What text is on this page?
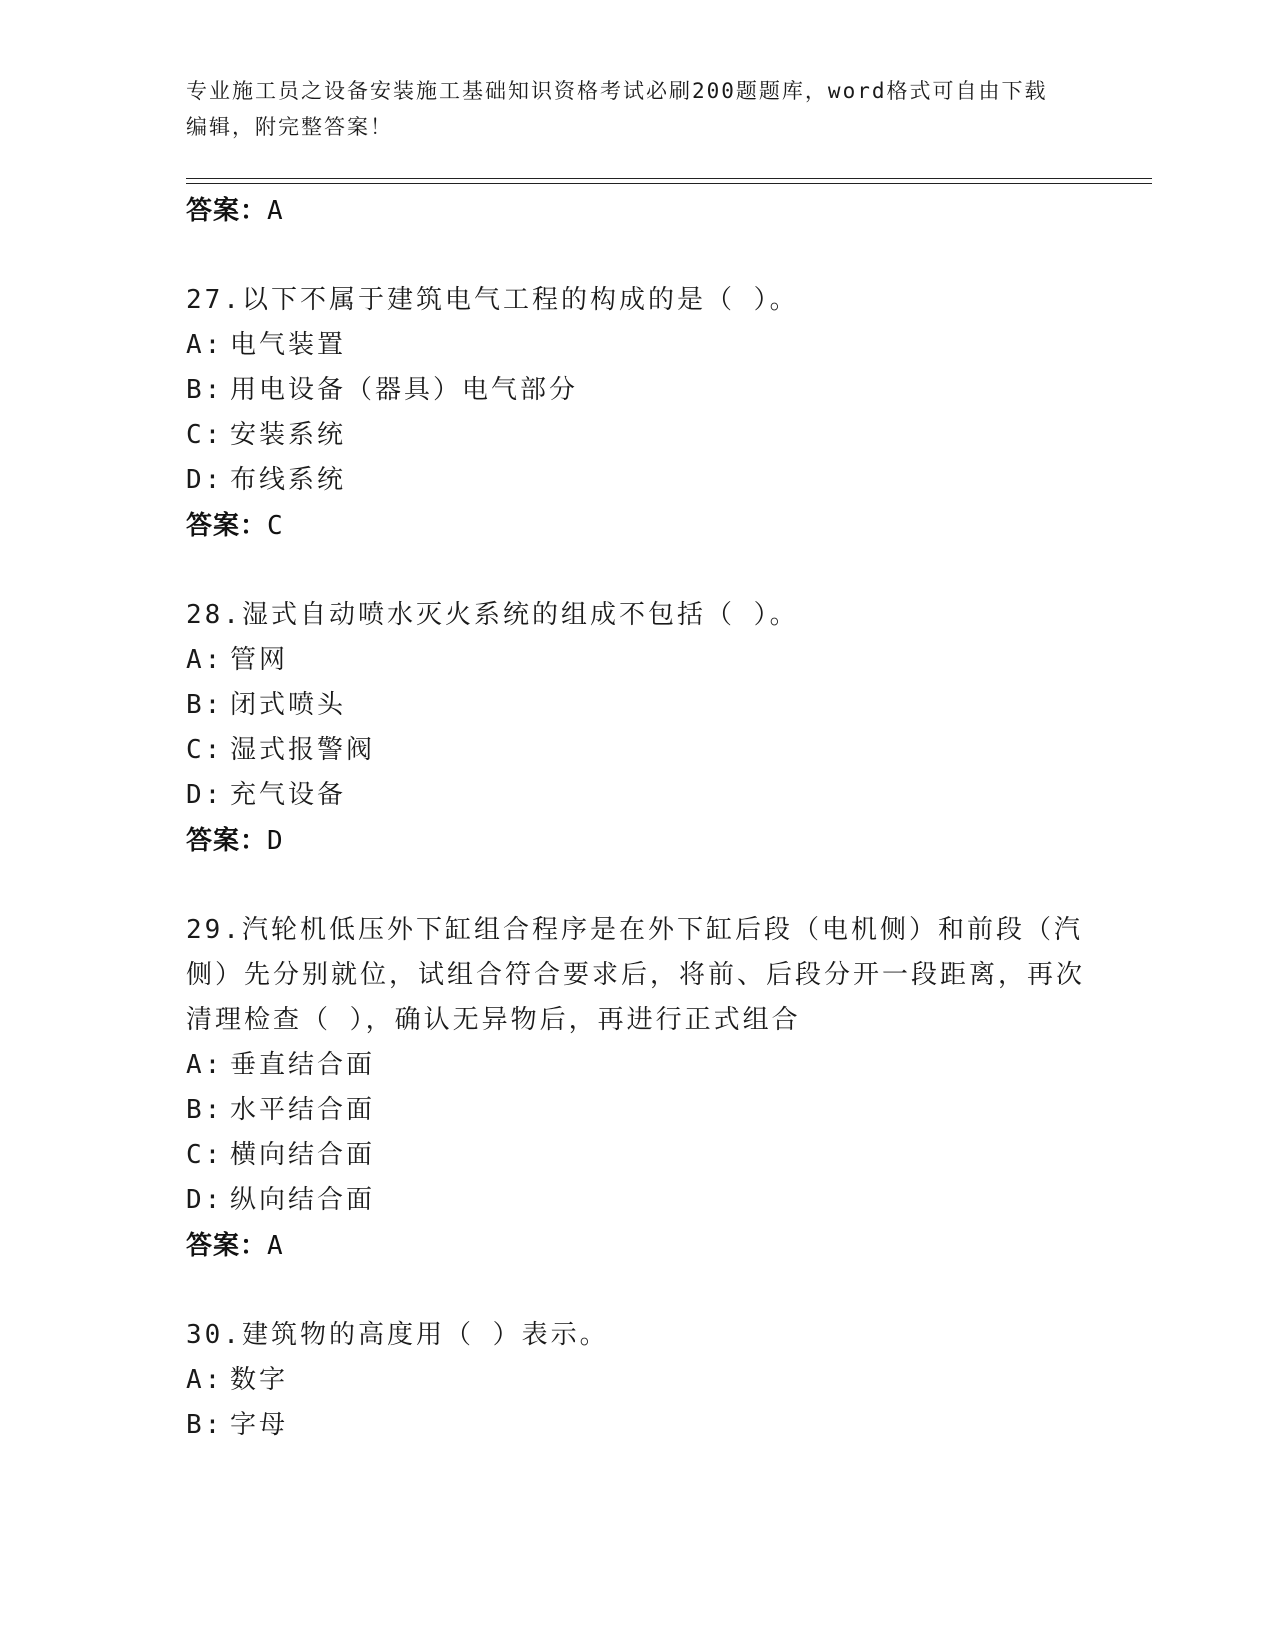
专业施工员之设备安装施工基础知识资格考试必刷200题题库，word格式可自由下载编辑，附完整答案！
答案：A

27.以下不属于建筑电气工程的构成的是（ ）。

A: 电气装置
B: 用电设备（器具）电气部分
C: 安装系统
D: 布线系统
答案：C

28.湿式自动喷水灭火系统的组成不包括（ ）。

A: 管网
B: 闭式喷头
C: 湿式报警阀
D: 充气设备
答案：D

29.汽轮机低压外下缸组合程序是在外下缸后段（电机侧）和前段（汽侧）先分别就位，试组合符合要求后，将前、后段分开一段距离，再次清理检查（ ），确认无异物后，再进行正式组合

A: 垂直结合面
B: 水平结合面
C: 横向结合面
D: 纵向结合面
答案：A

30.建筑物的高度用（ ）表示。

A: 数字
B: 字母
